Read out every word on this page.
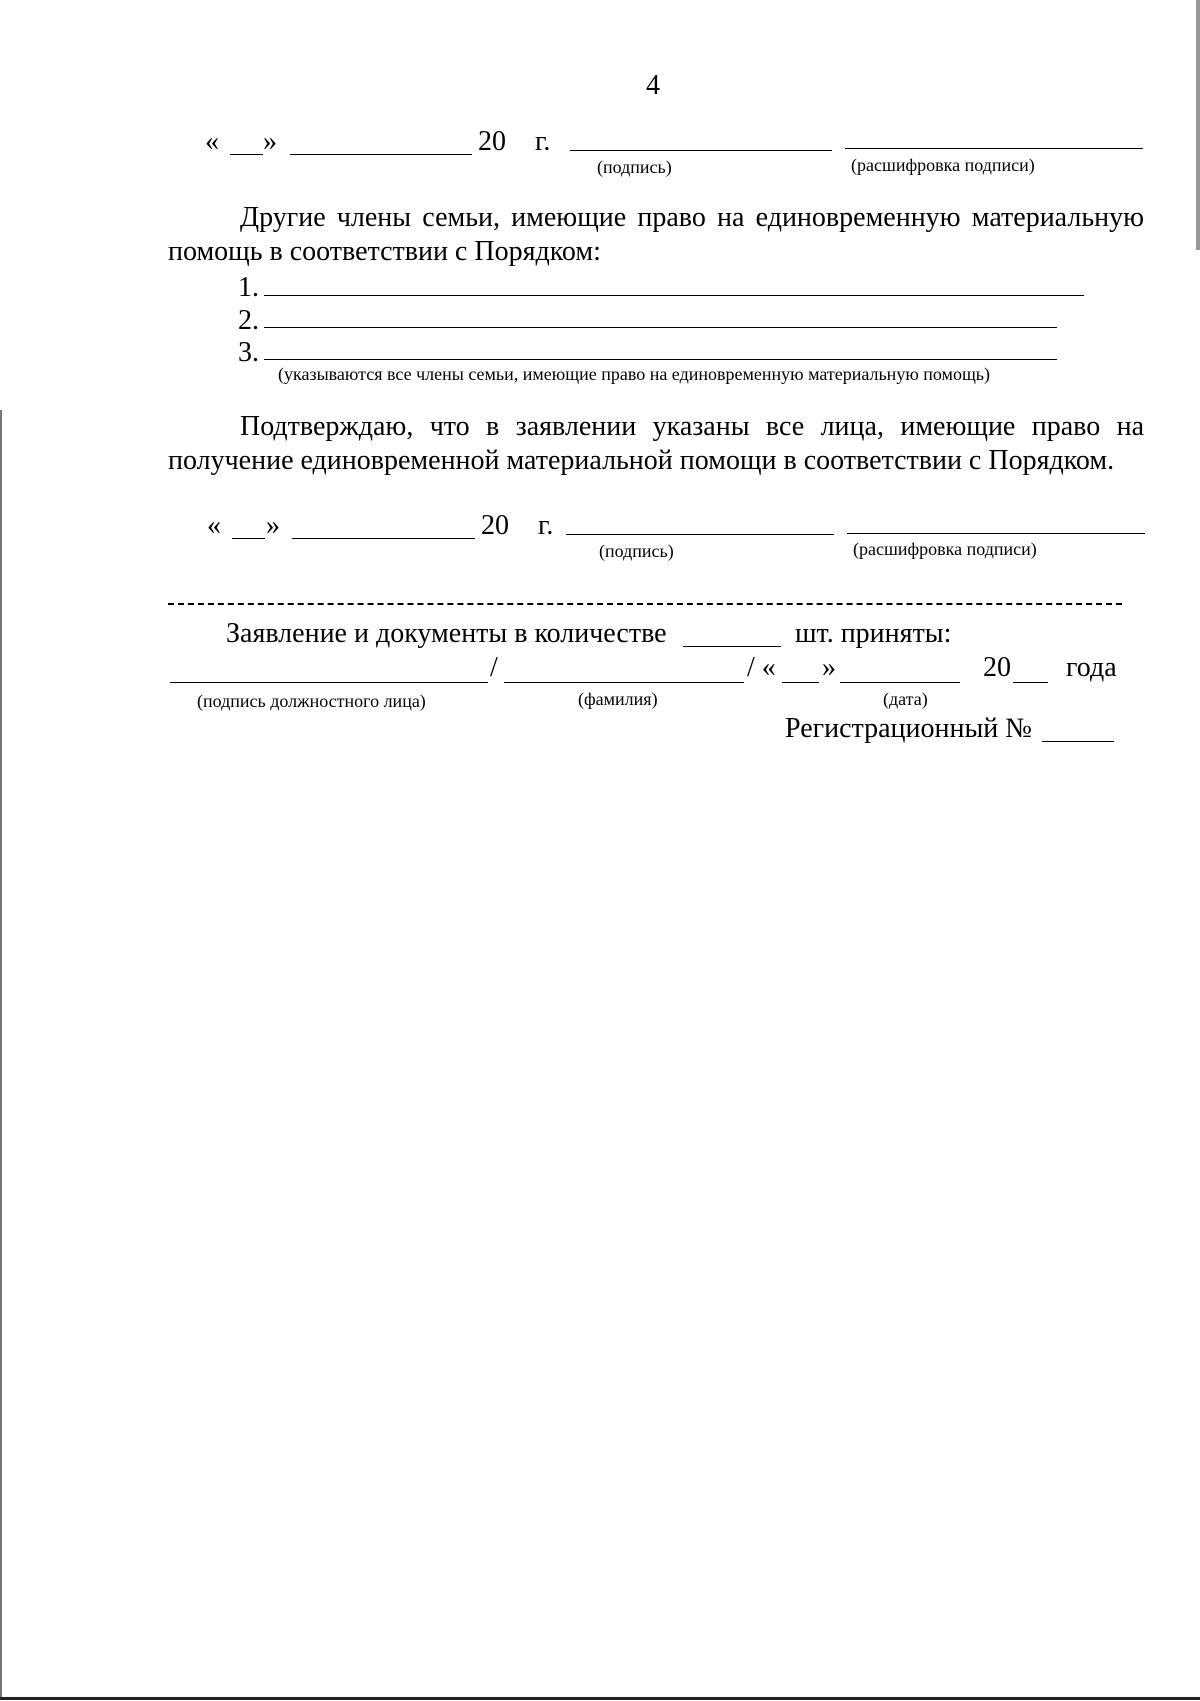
4
« »	20 г.
(подпись)	(расшифровка подписи)
Другие члены семьи, имеющие право на единовременную материальную помощь в соответствии с Порядком:
1.
2.
3.
(указываются все члены семьи, имеющие право на единовременную материальную помощь)
Подтверждаю, что в заявлении указаны все лица, имеющие право на получение единовременной материальной помощи в соответствии с Порядком.
« »	20 г.
(подпись)	(расшифровка подписи)
Заявление и документы в количестве	шт. приняты:
/	/ « »	20 года
(подпись должностного лица)	(фамилия)	(дата)
Регистрационный №
